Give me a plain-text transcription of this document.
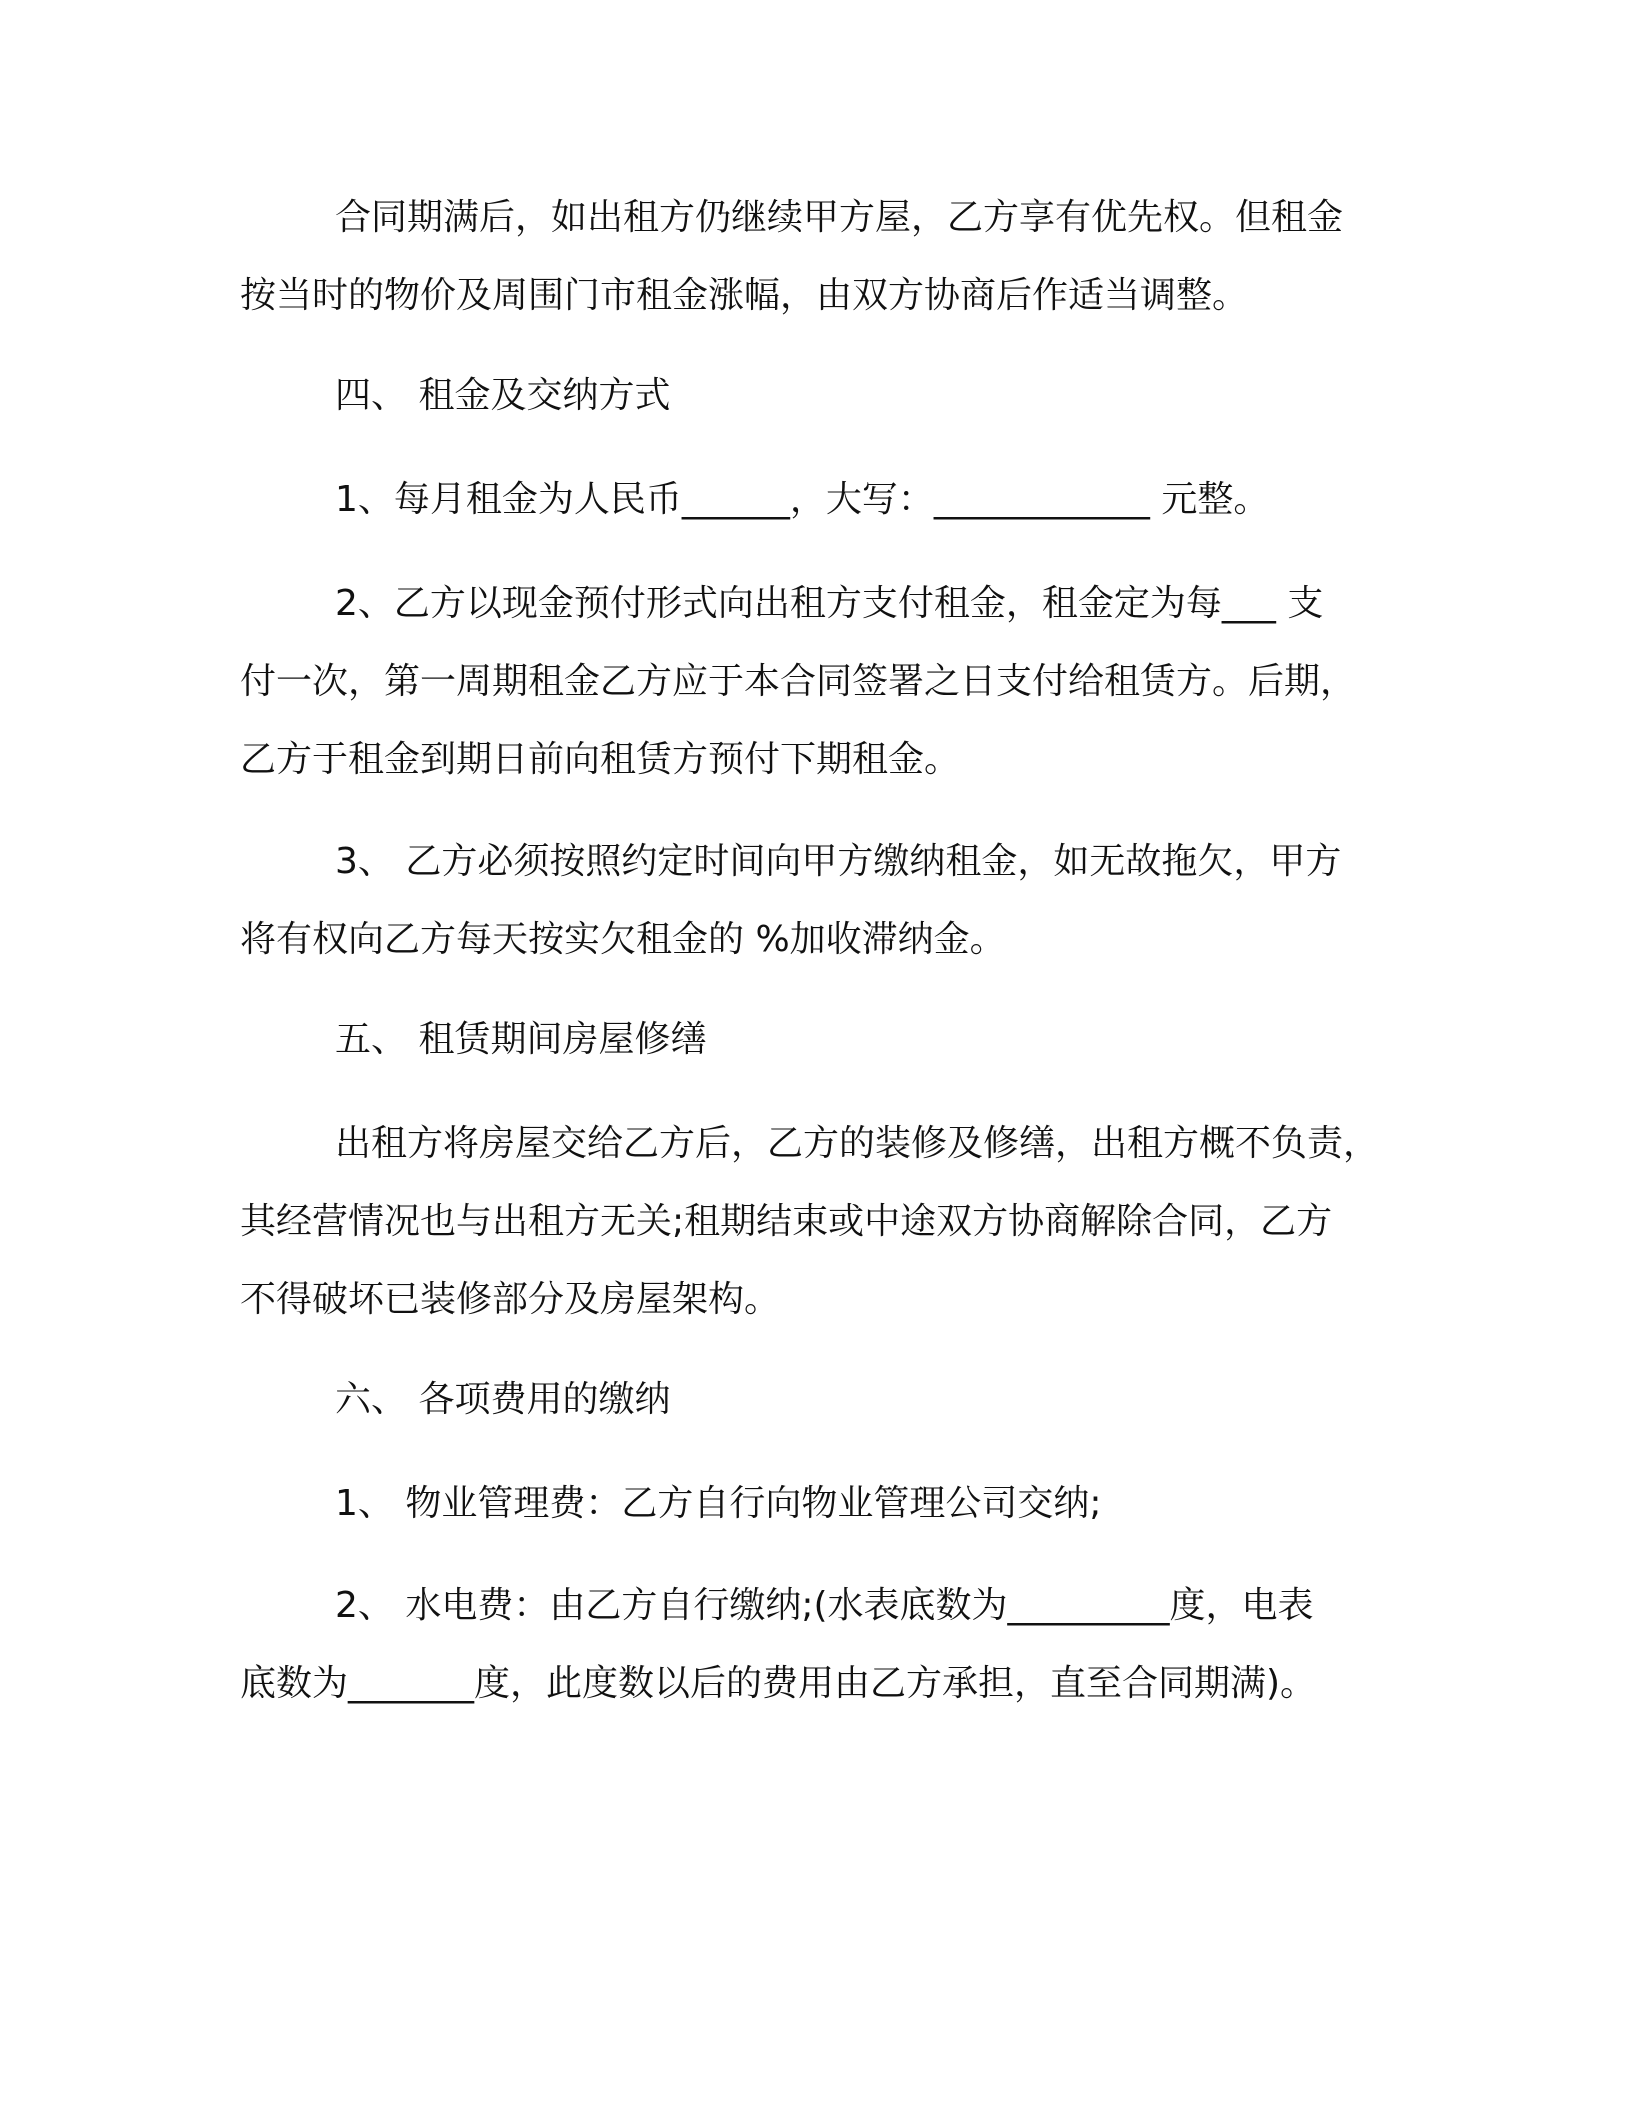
合同期满后，如出租方仍继续甲方屋，乙方享有优先权。但租金
按当时的物价及周围门市租金涨幅，由双方协商后作适当调整。
四、 租金及交纳方式
1、每月租金为人民币______，大写：____________ 元整。
2、乙方以现金预付形式向出租方支付租金，租金定为每___ 支
付一次，第一周期租金乙方应于本合同签署之日支付给租赁方。后期，
乙方于租金到期日前向租赁方预付下期租金。
3、 乙方必须按照约定时间向甲方缴纳租金，如无故拖欠，甲方
将有权向乙方每天按实欠租金的 %加收滞纳金。
五、 租赁期间房屋修缮
出租方将房屋交给乙方后，乙方的装修及修缮，出租方概不负责，
其经营情况也与出租方无关;租期结束或中途双方协商解除合同，乙方
不得破坏已装修部分及房屋架构。
六、 各项费用的缴纳
1、 物业管理费：乙方自行向物业管理公司交纳;
2、 水电费：由乙方自行缴纳;(水表底数为_________度，电表
底数为_______度，此度数以后的费用由乙方承担，直至合同期满)。
